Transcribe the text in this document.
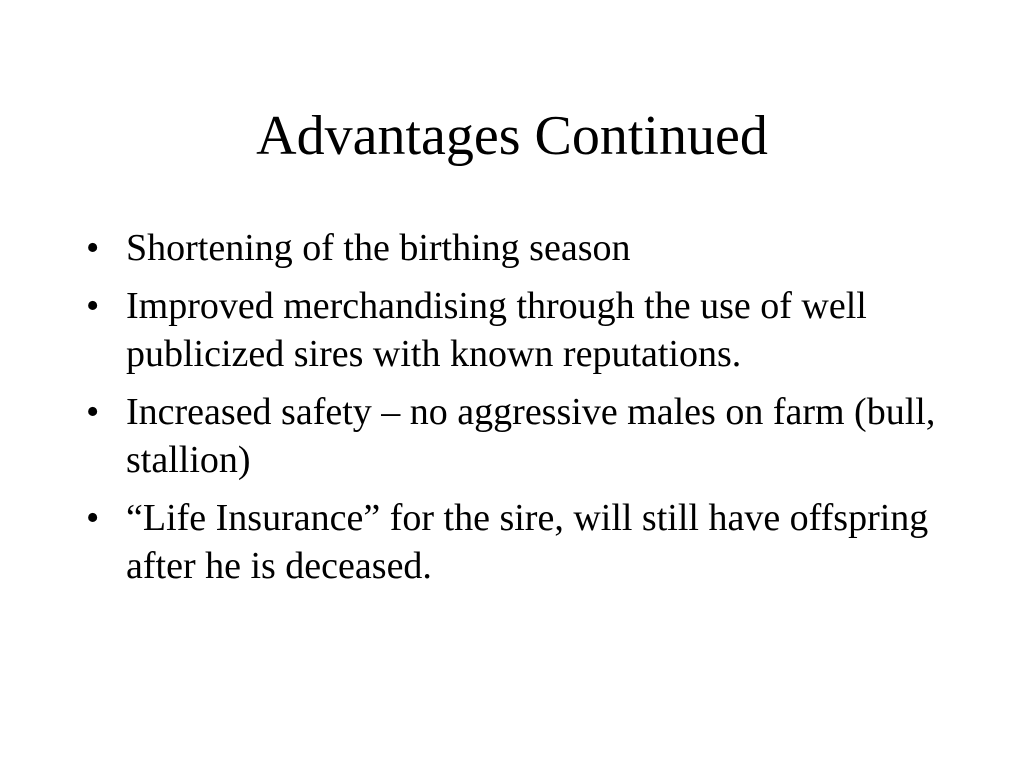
Advantages Continued
• Shortening of the birthing season
• Improved merchandising through the use of well publicized sires with known reputations.
• Increased safety – no aggressive males on farm (bull, stallion)
• “Life Insurance” for the sire, will still have offspring after he is deceased.
